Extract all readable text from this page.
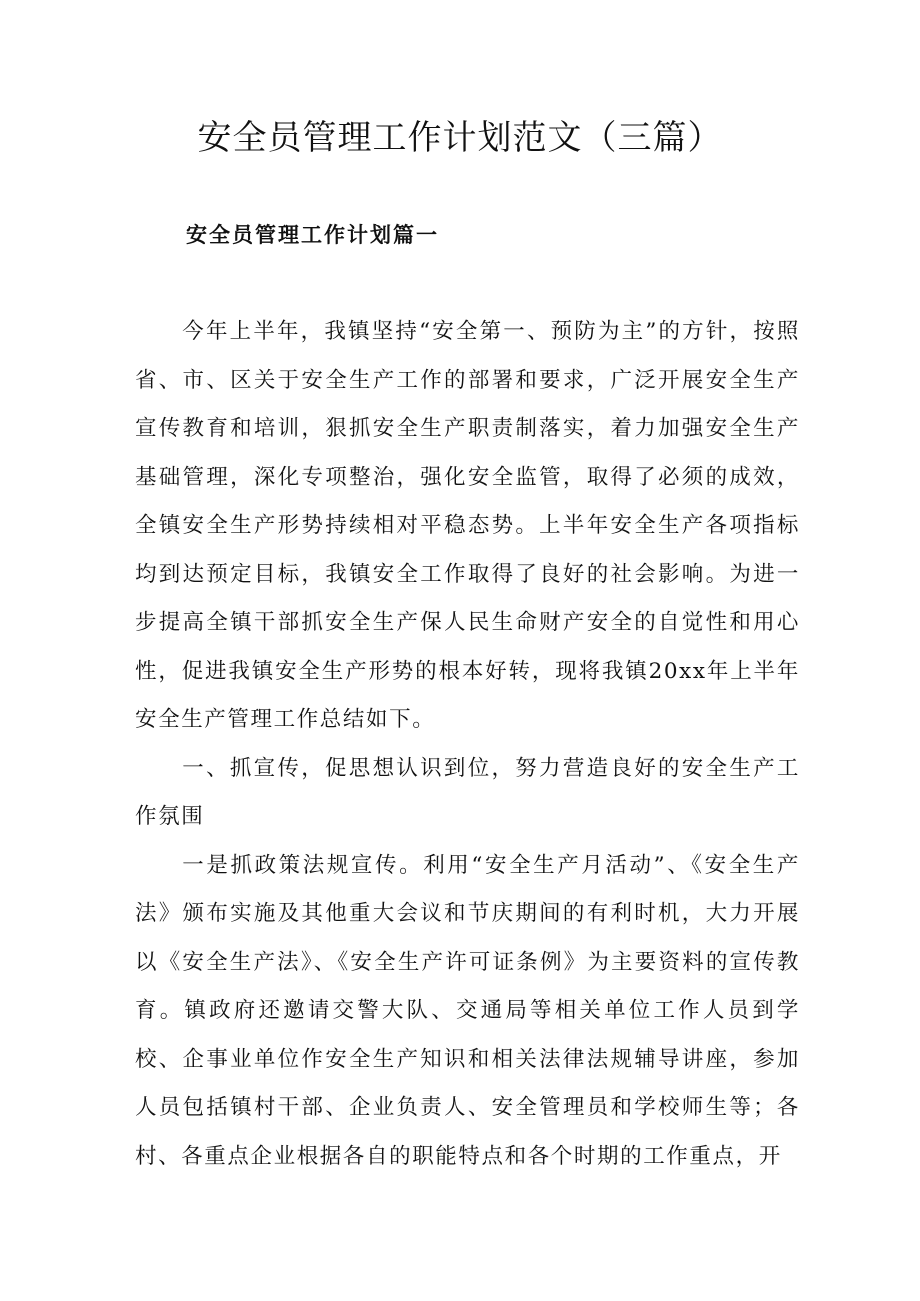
安全员管理工作计划范文（三篇）
安全员管理工作计划篇一

今年上半年，我镇坚持“安全第一、预防为主”的方针，按照省、市、区关于安全生产工作的部署和要求，广泛开展安全生产宣传教育和培训，狠抓安全生产职责制落实，着力加强安全生产基础管理，深化专项整治，强化安全监管，取得了必须的成效，全镇安全生产形势持续相对平稳态势。上半年安全生产各项指标均到达预定目标，我镇安全工作取得了良好的社会影响。为进一步提高全镇干部抓安全生产保人民生命财产安全的自觉性和用心性，促进我镇安全生产形势的根本好转，现将我镇20xx年上半年安全生产管理工作总结如下。

一、抓宣传，促思想认识到位，努力营造良好的安全生产工作氛围

一是抓政策法规宣传。利用“安全生产月活动”、《安全生产法》颁布实施及其他重大会议和节庆期间的有利时机，大力开展以《安全生产法》、《安全生产许可证条例》为主要资料的宣传教育。镇政府还邀请交警大队、交通局等相关单位工作人员到学校、企事业单位作安全生产知识和相关法律法规辅导讲座，参加人员包括镇村干部、企业负责人、安全管理员和学校师生等；各村、各重点企业根据各自的职能特点和各个时期的工作重点，开
